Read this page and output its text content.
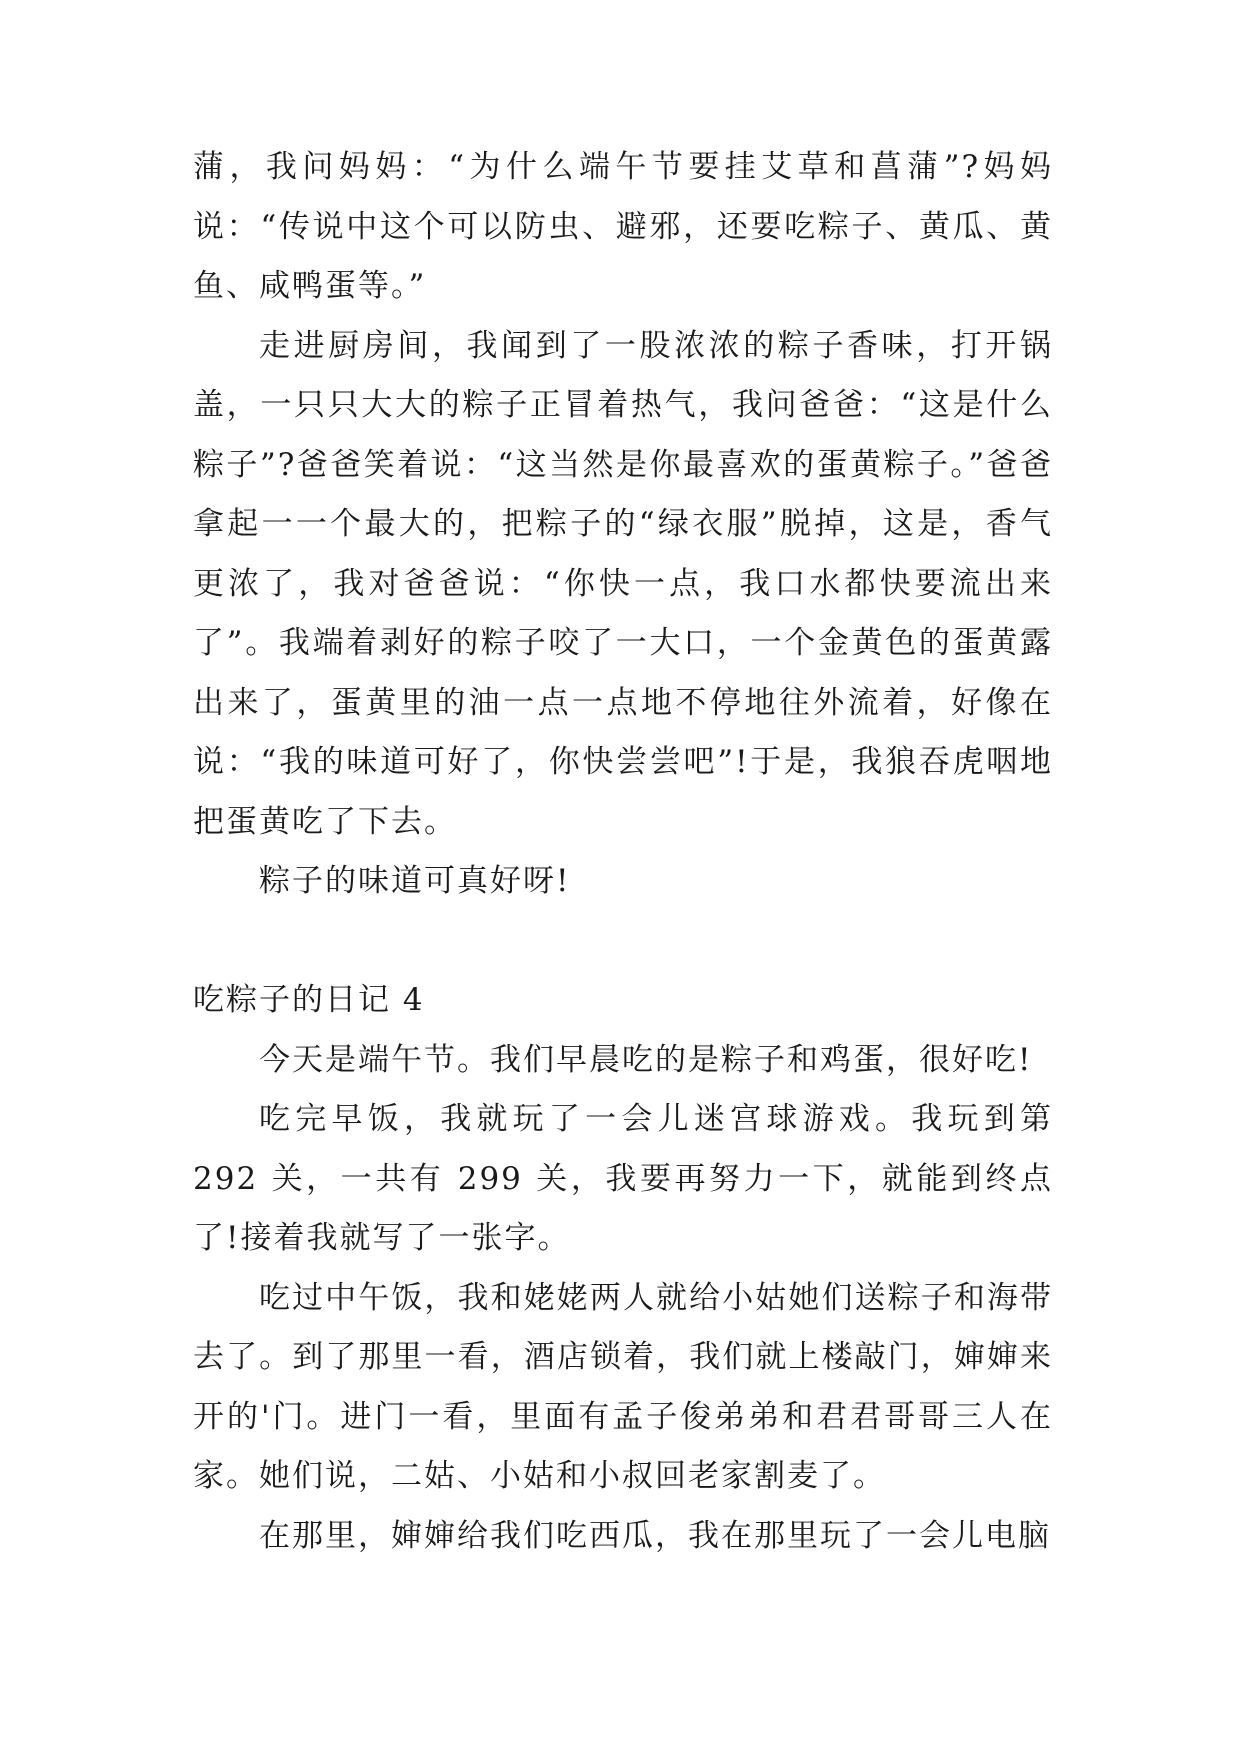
蒲，我问妈妈：“为什么端午节要挂艾草和菖蒲”?妈妈说：“传说中这个可以防虫、避邪，还要吃粽子、黄瓜、黄鱼、咸鸭蛋等。”

走进厨房间，我闻到了一股浓浓的粽子香味，打开锅盖，一只只大大的粽子正冒着热气，我问爸爸：“这是什么粽子”?爸爸笑着说：“这当然是你最喜欢的蛋黄粽子。”爸爸拿起一一个最大的，把粽子的“绿衣服”脱掉，这是，香气更浓了，我对爸爸说：“你快一点，我口水都快要流出来了”。我端着剥好的粽子咬了一大口，一个金黄色的蛋黄露出来了，蛋黄里的油一点一点地不停地往外流着，好像在说：“我的味道可好了，你快尝尝吧”!于是，我狼吞虎咽地把蛋黄吃了下去。

粽子的味道可真好呀!

吃粽子的日记 4

今天是端午节。我们早晨吃的是粽子和鸡蛋，很好吃!

吃完早饭，我就玩了一会儿迷宫球游戏。我玩到第 292 关，一共有 299 关，我要再努力一下，就能到终点了!接着我就写了一张字。

吃过中午饭，我和姥姥两人就给小姑她们送粽子和海带去了。到了那里一看，酒店锁着，我们就上楼敲门，婶婶来开的'门。进门一看，里面有孟子俊弟弟和君君哥哥三人在家。她们说，二姑、小姑和小叔回老家割麦了。

在那里，婶婶给我们吃西瓜，我在那里玩了一会儿电脑
